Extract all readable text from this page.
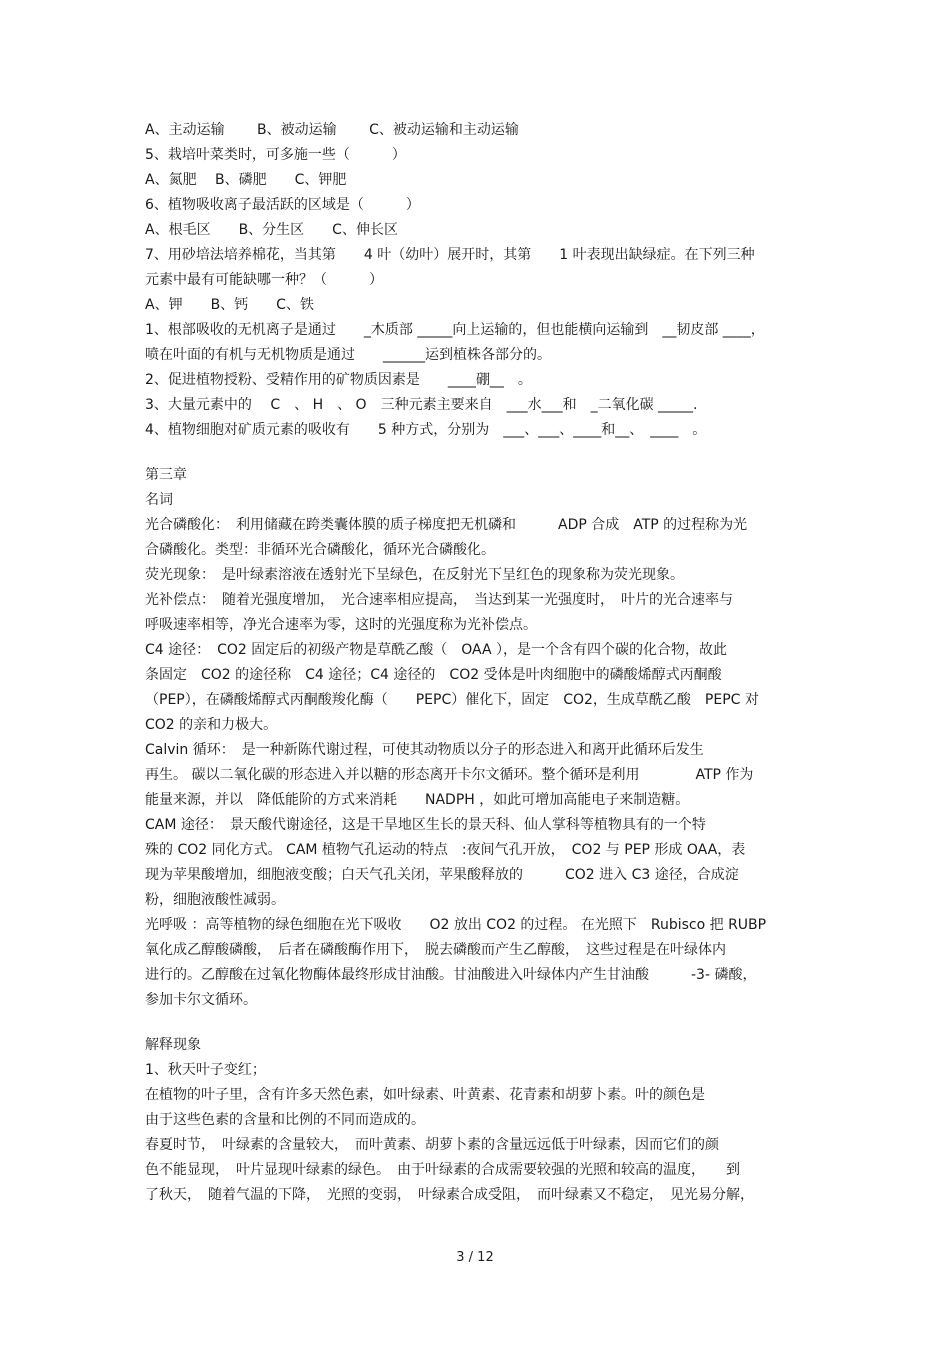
A、主动运输　　 B、被动运输　　 C、被动运输和主动运输
5、栽培叶菜类时，可多施一些（　　　）
A、氮肥　 B、磷肥　　C、钾肥
6、植物吸收离子最活跃的区域是（　　　）
A、根毛区　　B、分生区　　C、伸长区
7、用砂培法培养棉花，当其第　　4 叶（幼叶）展开时，其第　　1 叶表现出缺绿症。在下列三种
元素中最有可能缺哪一种？（　　　）
A、钾　　B、钙　　C、铁
1、根部吸收的无机离子是通过　　_木质部 _____向上运输的，但也能横向运输到　__韧皮部 ____，
喷在叶面的有机与无机物质是通过　　______运到植株各部分的。
2、促进植物授粉、受精作用的矿物质因素是　　____硼__　。
3、大量元素中的　 C　、 H　、 O　三种元素主要来自　___水___和　_二氧化碳 _____.
4、植物细胞对矿质元素的吸收有　　5 种方式，分别为　___、___、____和__、　____　。
第三章
名词
光合磷酸化：　利用储藏在跨类囊体膜的质子梯度把无机磷和　　　ADP 合成　ATP 的过程称为光
合磷酸化。类型：非循环光合磷酸化，循环光合磷酸化。
荧光现象：　是叶绿素溶液在透射光下呈绿色，在反射光下呈红色的现象称为荧光现象。
光补偿点：　随着光强度增加，　光合速率相应提高，　当达到某一光强度时，　叶片的光合速率与
呼吸速率相等，净光合速率为零，这时的光强度称为光补偿点。
C4 途径：　CO2 固定后的初级产物是草酰乙酸（　OAA ），是一个含有四个碳的化合物，故此
条固定　CO2 的途径称　C4 途径；C4 途径的　CO2 受体是叶肉细胞中的磷酸烯醇式丙酮酸
（PEP），在磷酸烯醇式丙酮酸羧化酶（　　PEPC）催化下，固定　CO2，生成草酰乙酸　PEPC 对
CO2 的亲和力极大。
Calvin 循环：　是一种新陈代谢过程，可使其动物质以分子的形态进入和离开此循环后发生
再生。 碳以二氧化碳的形态进入并以糖的形态离开卡尔文循环。整个循环是利用　　　　ATP 作为
能量来源，并以　降低能阶的方式来消耗　　NADPH ，如此可增加高能电子来制造糖。
CAM 途径：　景天酸代谢途径，这是干旱地区生长的景天科、仙人掌科等植物具有的一个特
殊的 CO2 同化方式。 CAM 植物气孔运动的特点　:夜间气孔开放，　CO2 与 PEP 形成 OAA，表
现为苹果酸增加，细胞液变酸；白天气孔关闭，苹果酸释放的　　　CO2 进入 C3 途径，合成淀
粉，细胞液酸性减弱。
光呼吸 ：高等植物的绿色细胞在光下吸收　　O2 放出 CO2 的过程。 在光照下　Rubisco 把 RUBP
氧化成乙醇酸磷酸，　后者在磷酸酶作用下，　脱去磷酸而产生乙醇酸，　这些过程是在叶绿体内
进行的。乙醇酸在过氧化物酶体最终形成甘油酸。甘油酸进入叶绿体内产生甘油酸　　　-3- 磷酸，
参加卡尔文循环。
解释现象
1、秋天叶子变红；
在植物的叶子里，含有许多天然色素，如叶绿素、叶黄素、花青素和胡萝卜素。叶的颜色是
由于这些色素的含量和比例的不同而造成的。
春夏时节，　叶绿素的含量较大，　而叶黄素、胡萝卜素的含量远远低于叶绿素，因而它们的颜
色不能显现，　叶片显现叶绿素的绿色。　由于叶绿素的合成需要较强的光照和较高的温度，　　到
了秋天，　随着气温的下降，　光照的变弱，　叶绿素合成受阻，　而叶绿素又不稳定，　见光易分解，
3 / 12
